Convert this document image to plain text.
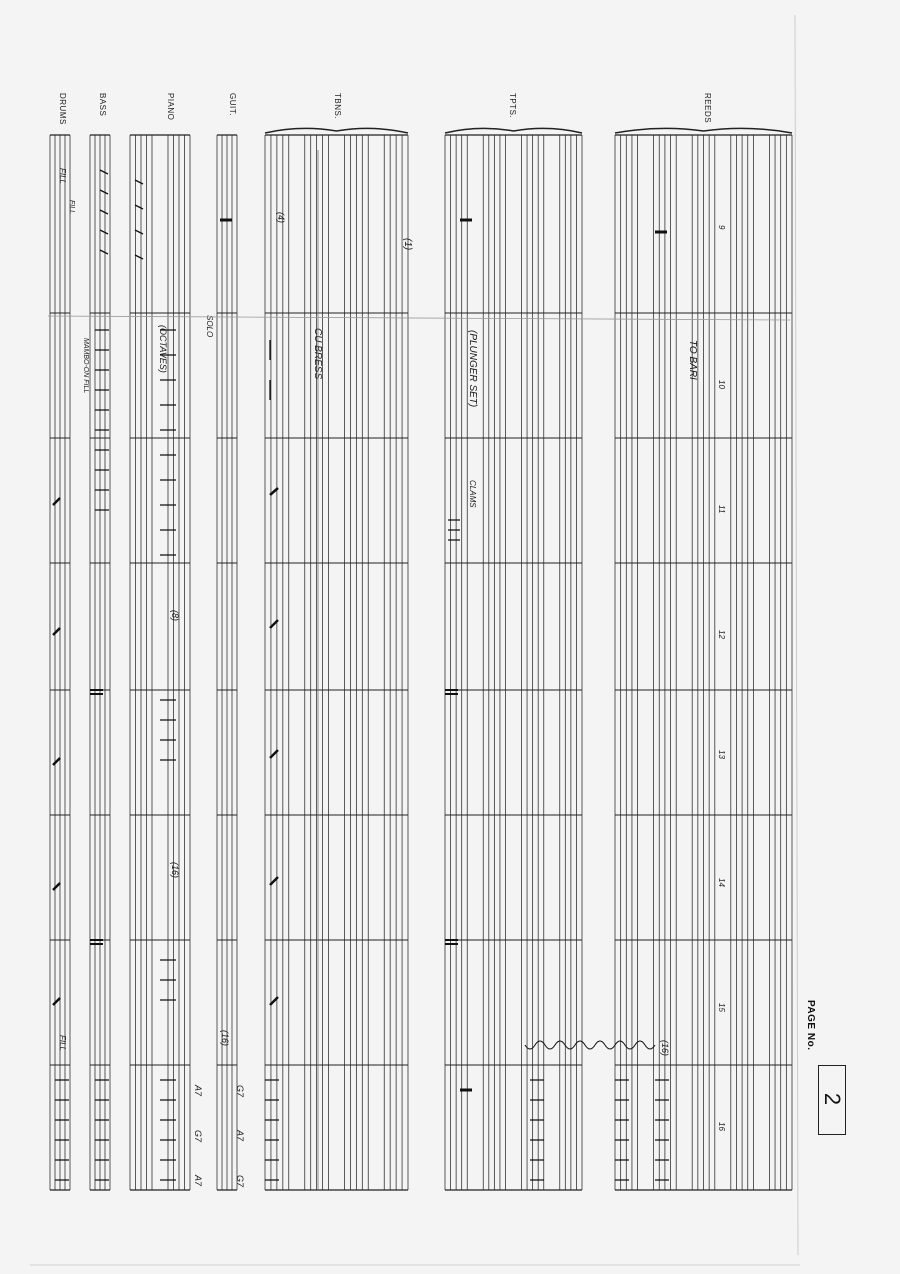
DRUMS	BASS	PIANO	GUIT.	TBNS.	TPTS.	REEDS
9
10
11
12
13
14
15
16
TO BARI
CU BRESS	(PLUNGER SET)
CLAMS
(OCTAVES)	SOLO
FILL
MAMBO-ON FILL
FILL
FILL
(1)
(4)
(8)
(16)
(16)
(16)
A7
G7
A7
G7
A7
G7
PAGE No.
2
